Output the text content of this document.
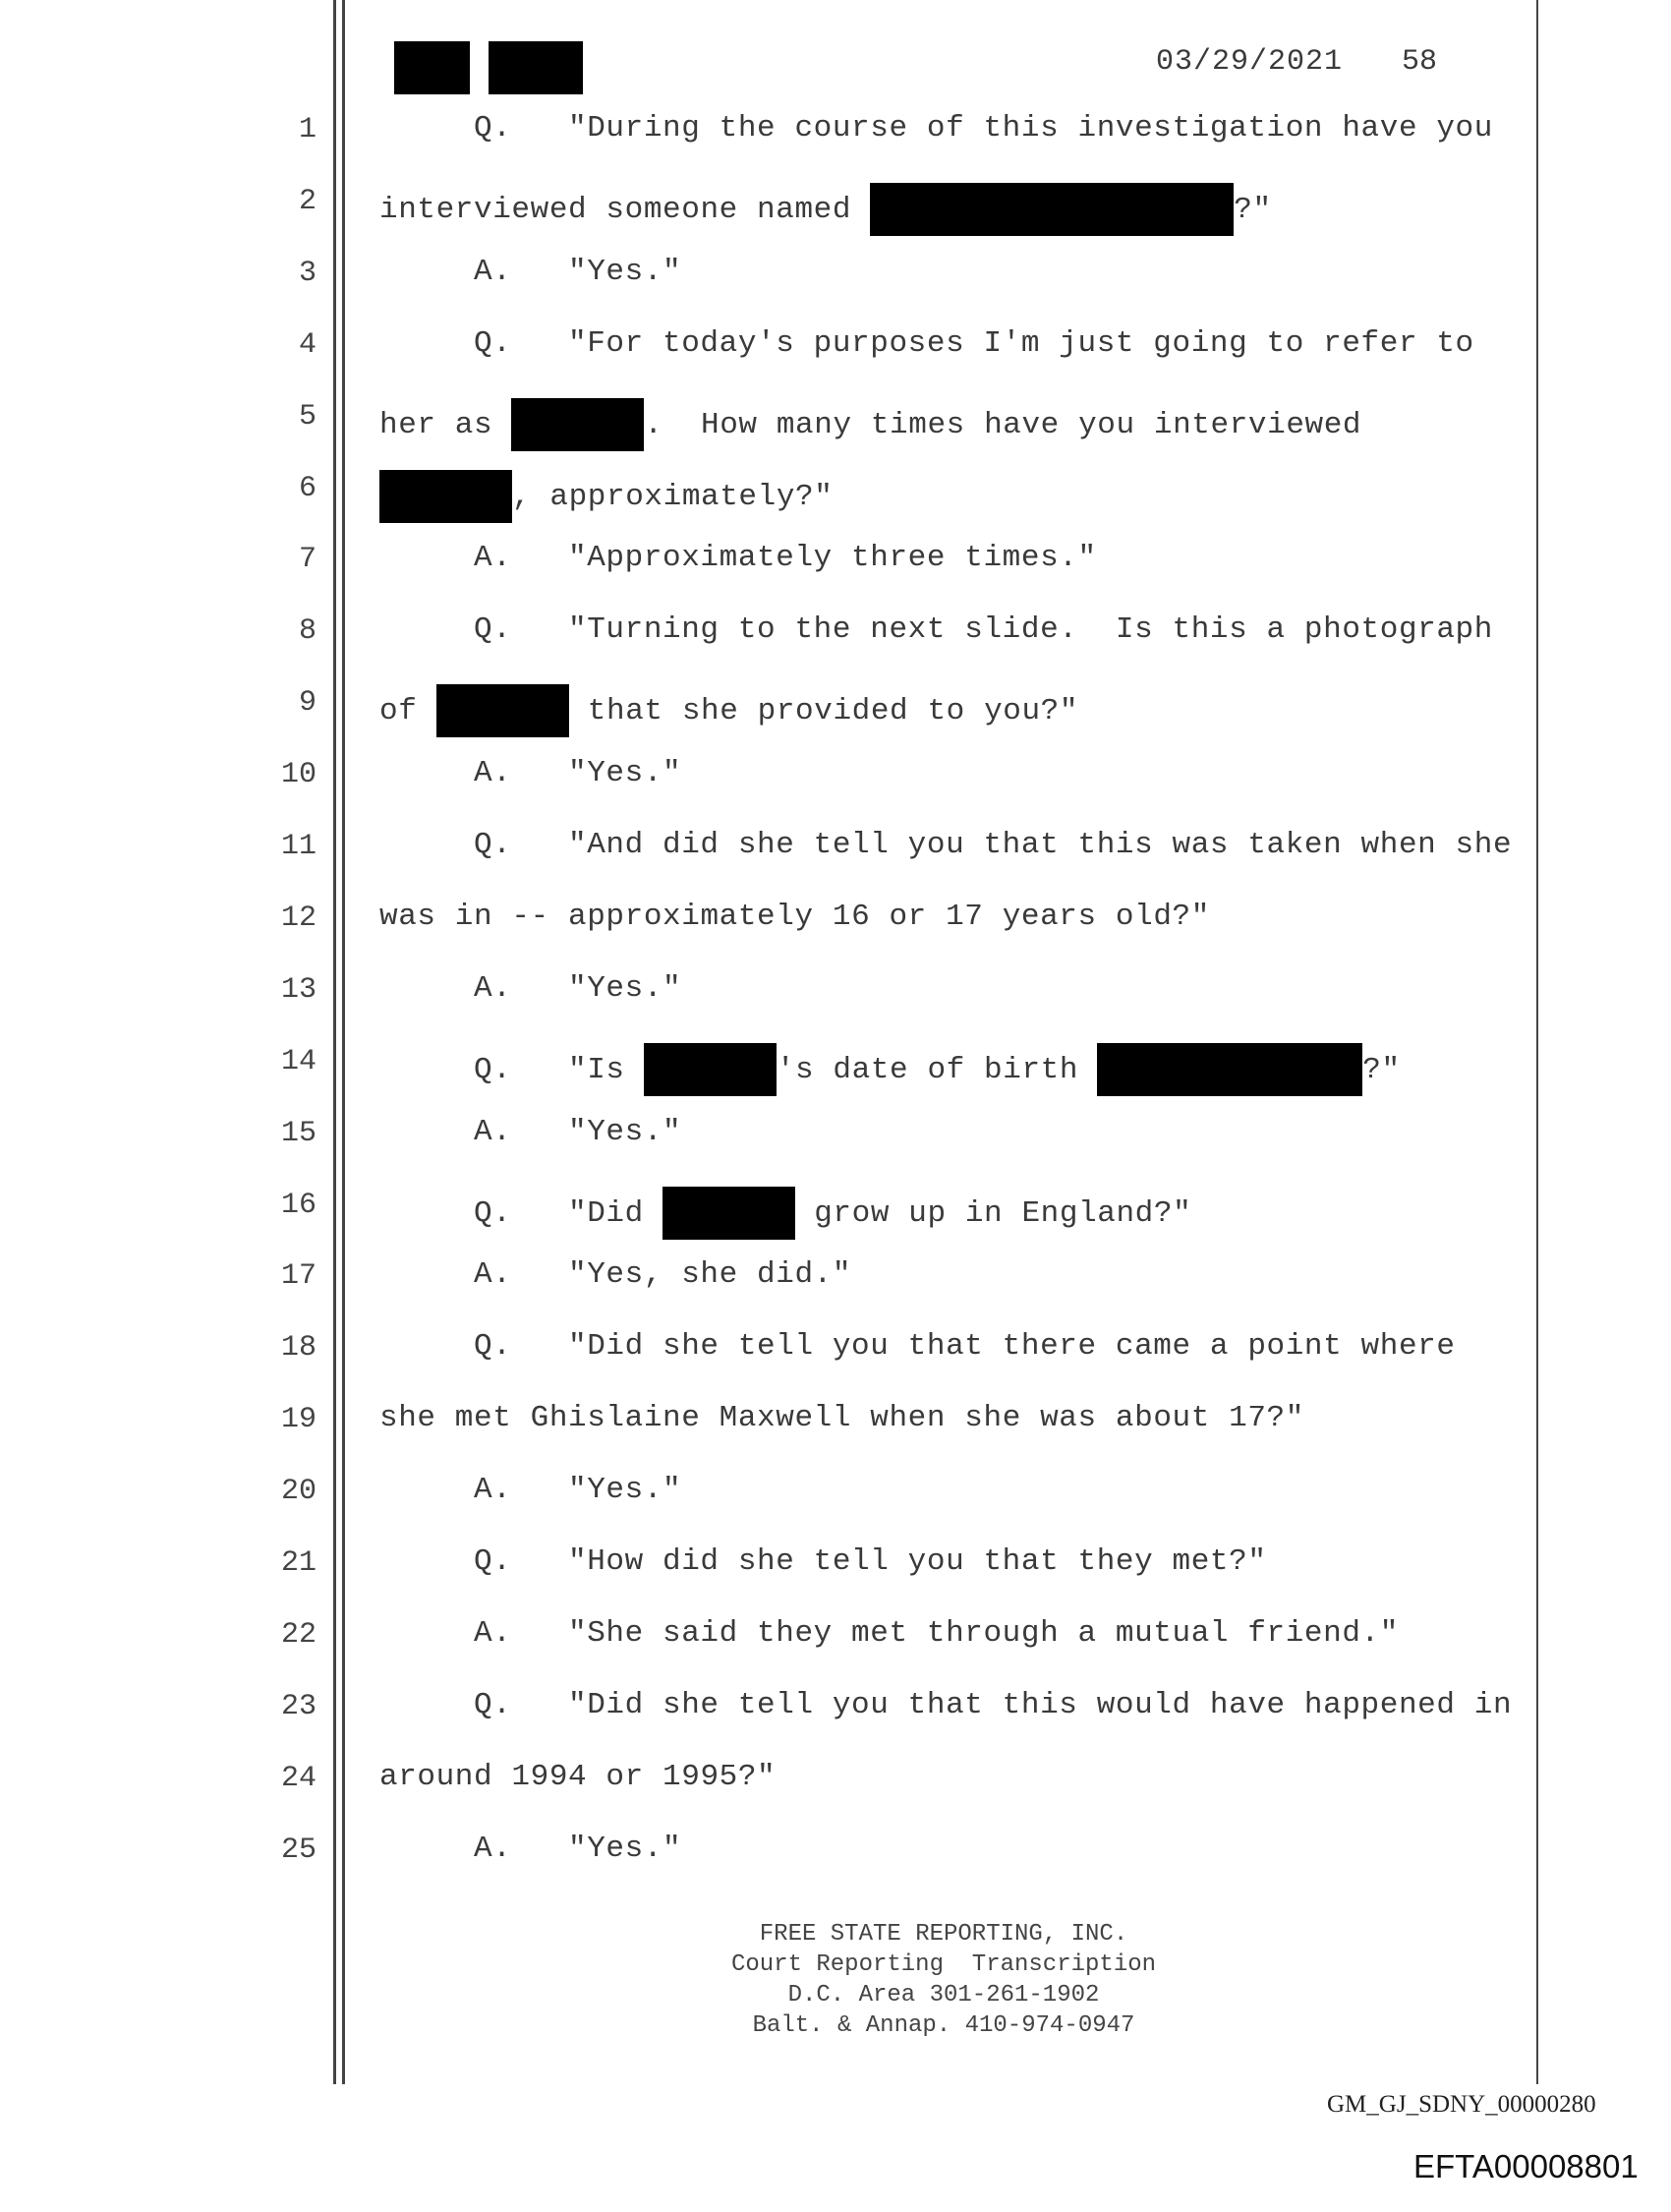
03/29/2021 58
1	Q.   "During the course of this investigation have you
2 interviewed someone named	?"
3	A.   "Yes."
4	Q.   "For today's purposes I'm just going to refer to
5 her as	.  How many times have you interviewed
6	, approximately?"
7	A.   "Approximately three times."
8	Q.   "Turning to the next slide.  Is this a photograph
9 of	that she provided to you?"
10	A.   "Yes."
11	Q.   "And did she tell you that this was taken when she
12 was in -- approximately 16 or 17 years old?"
13	A.   "Yes."
14	Q.   "Is	's date of birth	?"
15	A.   "Yes."
16	Q.   "Did	grow up in England?"
17	A.   "Yes, she did."
18	Q.   "Did she tell you that there came a point where
19 she met Ghislaine Maxwell when she was about 17?"
20	A.   "Yes."
21	Q.   "How did she tell you that they met?"
22	A.   "She said they met through a mutual friend."
23	Q.   "Did she tell you that this would have happened in
24 around 1994 or 1995?"
25	A.   "Yes."
FREE STATE REPORTING, INC.
Court Reporting  Transcription
D.C. Area 301-261-1902
Balt. & Annap. 410-974-0947
GM_GJ_SDNY_00000280
EFTA00008801
